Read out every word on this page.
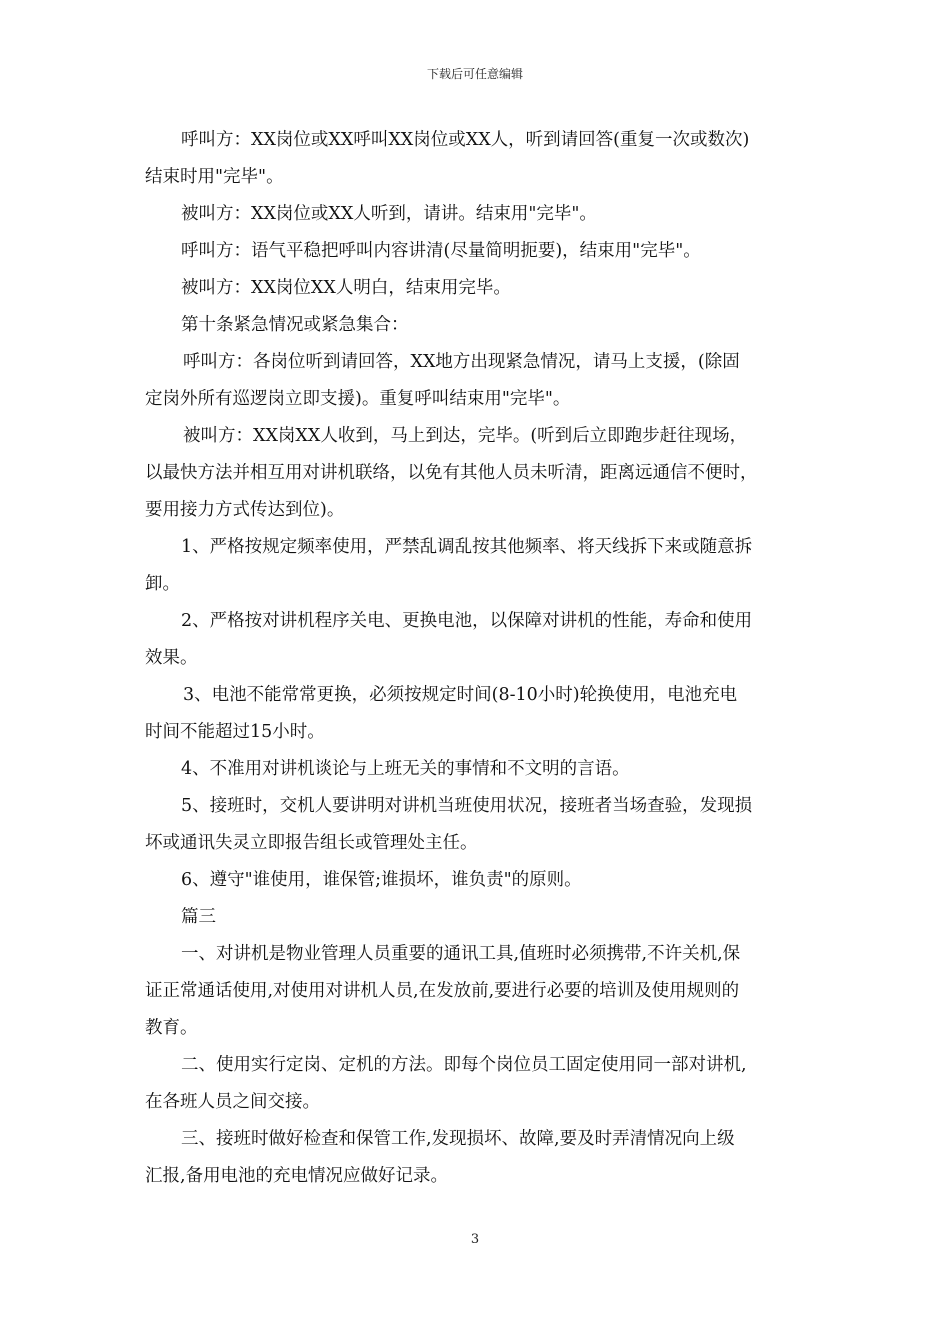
下载后可任意编辑
呼叫方：XX岗位或XX呼叫XX岗位或XX人，听到请回答(重复一次或数次)
结束时用"完毕"。
被叫方：XX岗位或XX人听到，请讲。结束用"完毕"。
呼叫方：语气平稳把呼叫内容讲清(尽量简明扼要)，结束用"完毕"。
被叫方：XX岗位XX人明白，结束用完毕。
第十条紧急情况或紧急集合：
呼叫方：各岗位听到请回答，XX地方出现紧急情况，请马上支援，(除固
定岗外所有巡逻岗立即支援)。重复呼叫结束用"完毕"。
被叫方：XX岗XX人收到，马上到达，完毕。(听到后立即跑步赶往现场，
以最快方法并相互用对讲机联络，以免有其他人员未听清，距离远通信不便时，
要用接力方式传达到位)。
1、严格按规定频率使用，严禁乱调乱按其他频率、将天线拆下来或随意拆
卸。
2、严格按对讲机程序关电、更换电池，以保障对讲机的性能，寿命和使用
效果。
3、电池不能常常更换，必须按规定时间(8-10小时)轮换使用，电池充电
时间不能超过15小时。
4、不准用对讲机谈论与上班无关的事情和不文明的言语。
5、接班时，交机人要讲明对讲机当班使用状况，接班者当场查验，发现损
坏或通讯失灵立即报告组长或管理处主任。
6、遵守"谁使用，谁保管;谁损坏，谁负责"的原则。
篇三
一、对讲机是物业管理人员重要的通讯工具,值班时必须携带,不许关机,保
证正常通话使用,对使用对讲机人员,在发放前,要进行必要的培训及使用规则的
教育。
二、使用实行定岗、定机的方法。即每个岗位员工固定使用同一部对讲机,
在各班人员之间交接。
三、接班时做好检查和保管工作,发现损坏、故障,要及时弄清情况向上级
汇报,备用电池的充电情况应做好记录。
3
